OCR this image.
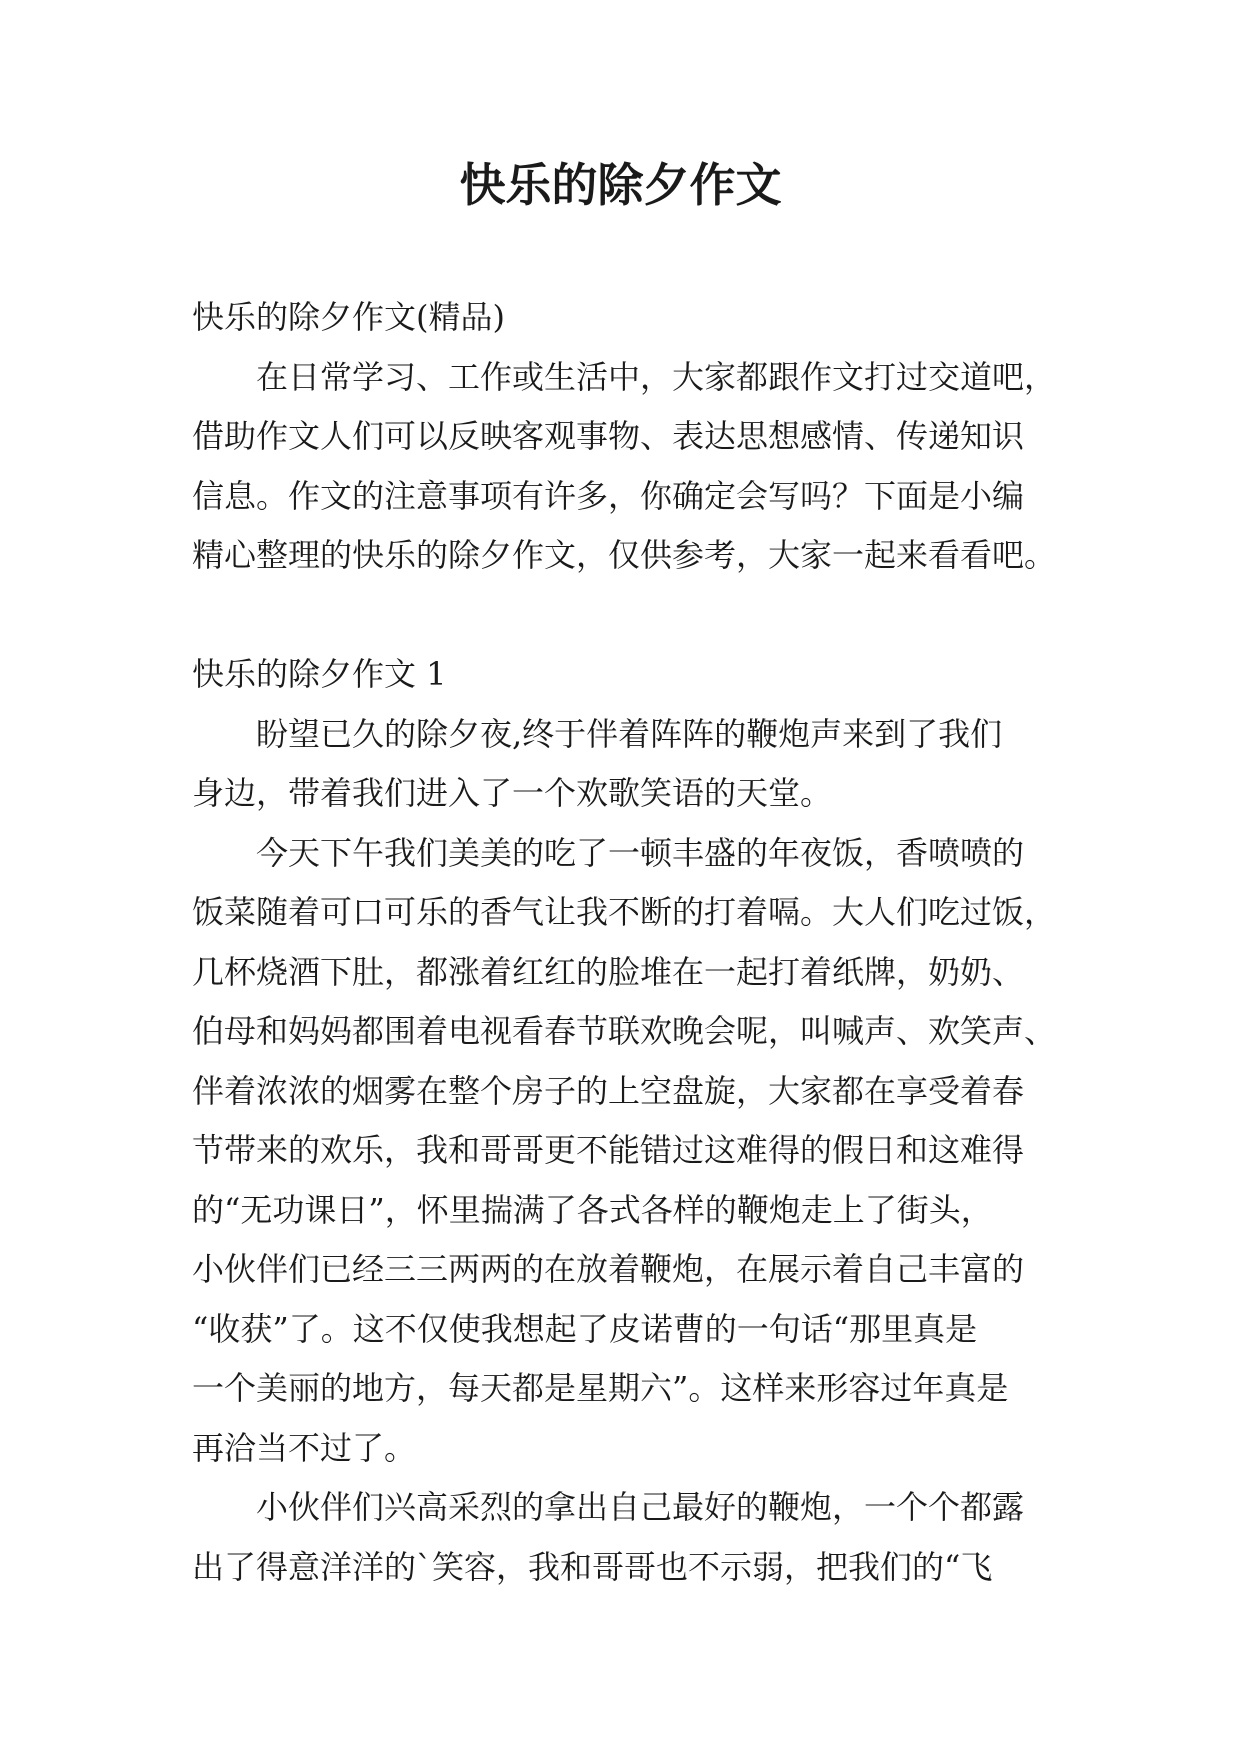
快乐的除夕作文
快乐的除夕作文(精品)
在日常学习、工作或生活中，大家都跟作文打过交道吧，
借助作文人们可以反映客观事物、表达思想感情、传递知识
信息。作文的注意事项有许多，你确定会写吗？下面是小编
精心整理的快乐的除夕作文，仅供参考，大家一起来看看吧。
快乐的除夕作文 1
盼望已久的除夕夜,终于伴着阵阵的鞭炮声来到了我们
身边，带着我们进入了一个欢歌笑语的天堂。
今天下午我们美美的吃了一顿丰盛的年夜饭，香喷喷的
饭菜随着可口可乐的香气让我不断的打着嗝。大人们吃过饭，
几杯烧酒下肚，都涨着红红的脸堆在一起打着纸牌，奶奶、
伯母和妈妈都围着电视看春节联欢晚会呢，叫喊声、欢笑声、
伴着浓浓的烟雾在整个房子的上空盘旋，大家都在享受着春
节带来的欢乐，我和哥哥更不能错过这难得的假日和这难得
的“无功课日”，怀里揣满了各式各样的鞭炮走上了街头，
小伙伴们已经三三两两的在放着鞭炮，在展示着自己丰富的
“收获”了。这不仅使我想起了皮诺曹的一句话“那里真是
一个美丽的地方，每天都是星期六”。这样来形容过年真是
再洽当不过了。
小伙伴们兴高采烈的拿出自己最好的鞭炮，一个个都露
出了得意洋洋的`笑容，我和哥哥也不示弱，把我们的“飞
